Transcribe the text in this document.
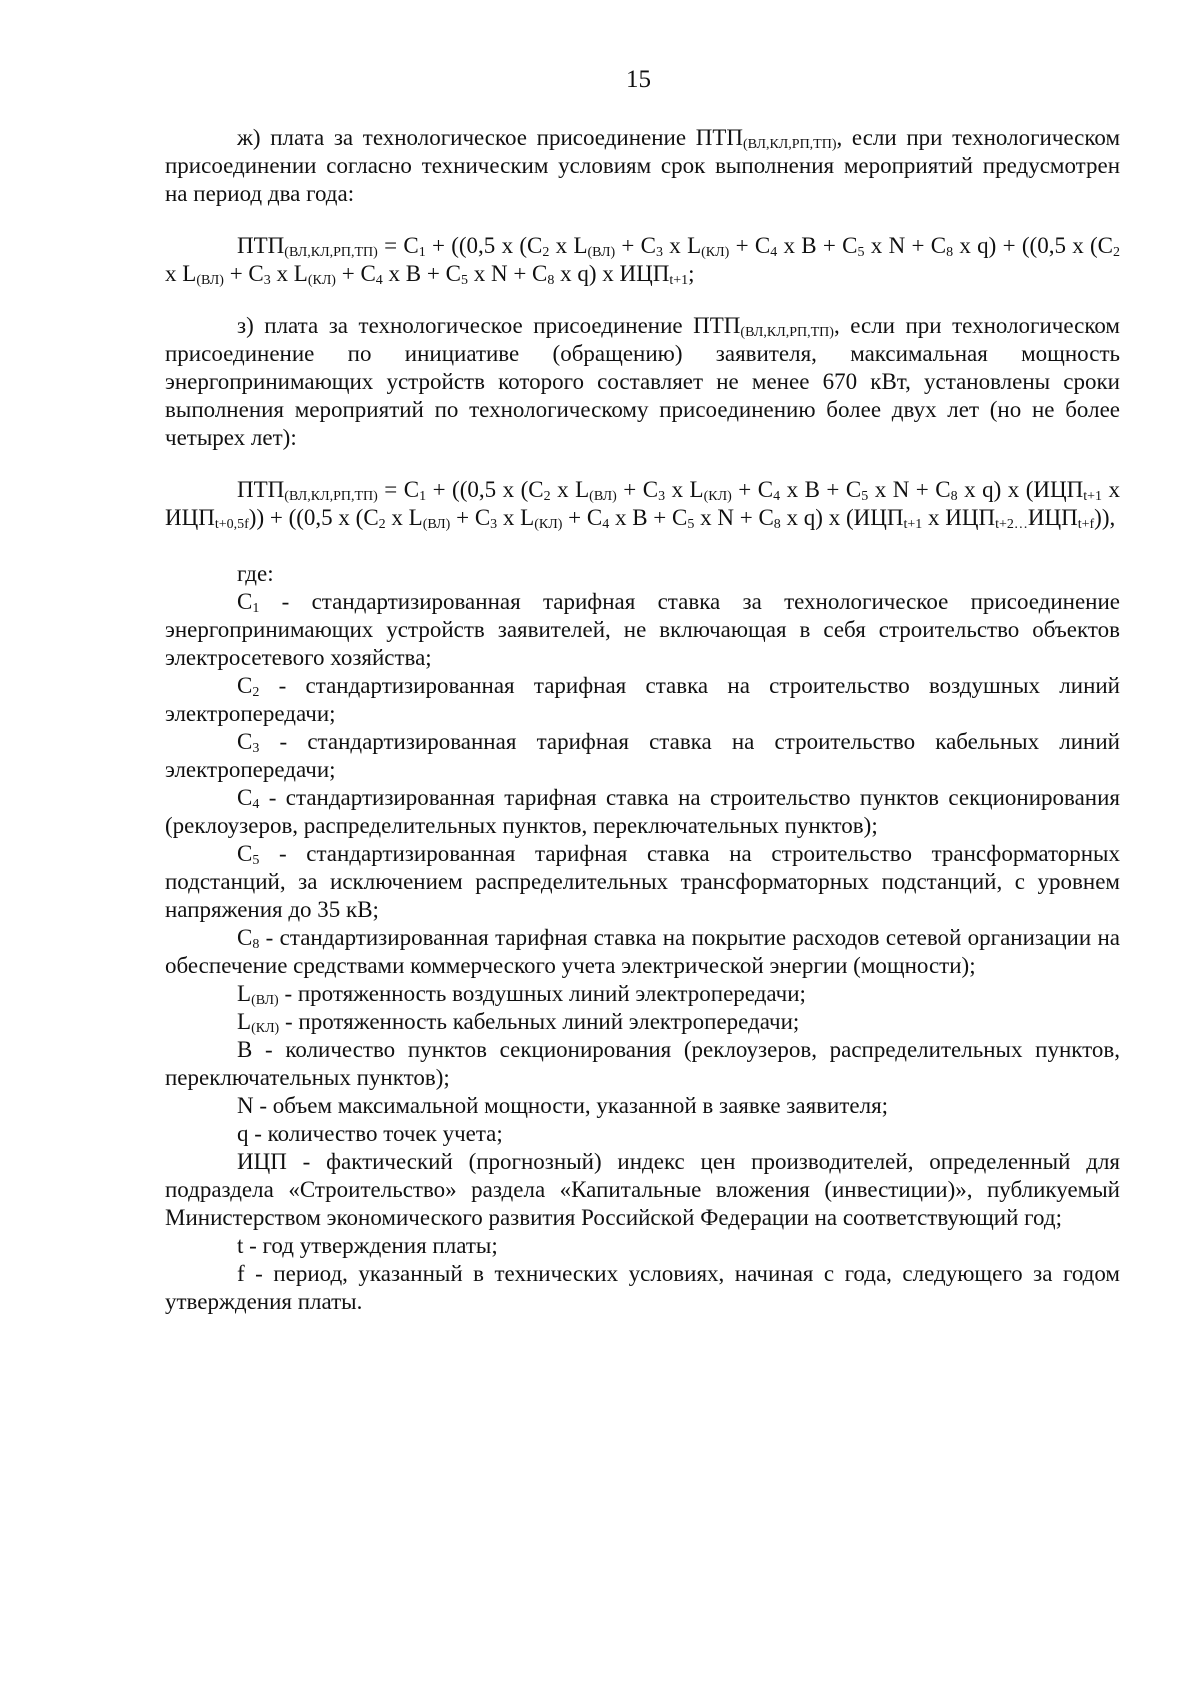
15

ж) плата за технологическое присоединение $ПТП_{(ВЛ,КЛ,РП,ТП)}$, если при технологическом присоединении согласно техническим условиям срок выполнения мероприятий предусмотрен на период два года:

$ПТП_{(ВЛ,КЛ,РП,ТП)} = С_1 + ((0,5$ х ($С_2$ х $L_{(ВЛ)} + С_3$ х $L_{(КЛ)} + С_4$ х $В + С_5$ х $N + С_8$ х q) + ((0,5 х ($С_2$ х $L_{(ВЛ)} + С_3$ х $L_{(КЛ)} + С_4$ х $В + С_5$ х $N + С_8$ х q) х $ИЦП_{t+1}$;

з) плата за технологическое присоединение $ПТП_{(ВЛ,КЛ,РП,ТП)}$, если при технологическом присоединение по инициативе (обращению) заявителя, максимальная мощность энергопринимающих устройств которого составляет не менее 670 кВт, установлены сроки выполнения мероприятий по технологическому присоединению более двух лет (но не более четырех лет):

$ПТП_{(ВЛ,КЛ,РП,ТП)} = С_1 + ((0,5$ х ($С_2$ х $L_{(ВЛ)} + С_3$ х $L_{(КЛ)} + С_4$ х $В + С_5$ х $N + С_8$ х q) х ($ИЦП_{t+1}$ х $ИЦП_{t+0,5f})) + ((0,5$ х ($С_2$ х $L_{(ВЛ)} + С_3$ х $L_{(КЛ)} + С_4$ х $В + С_5$ х $N + С_8$ х q) х ($ИЦП_{t+1}$ х $ИЦП_{t+2\dots}ИЦП_{t+f}$)),

где:

$С_1$ - стандартизированная тарифная ставка за технологическое присоединение энергопринимающих устройств заявителей, не включающая в себя строительство объектов электросетевого хозяйства;

$С_2$ - стандартизированная тарифная ставка на строительство воздушных линий электропередачи;

$С_3$ - стандартизированная тарифная ставка на строительство кабельных линий электропередачи;

$С_4$ - стандартизированная тарифная ставка на строительство пунктов секционирования (реклоузеров, распределительных пунктов, переключательных пунктов);

$С_5$ - стандартизированная тарифная ставка на строительство трансформаторных подстанций, за исключением распределительных трансформаторных подстанций, с уровнем напряжения до 35 кВ;

$С_8$ - стандартизированная тарифная ставка на покрытие расходов сетевой организации на обеспечение средствами коммерческого учета электрической энергии (мощности);

$L_{(ВЛ)}$ - протяженность воздушных линий электропередачи;

$L_{(КЛ)}$ - протяженность кабельных линий электропередачи;

В - количество пунктов секционирования (реклоузеров, распределительных пунктов, переключательных пунктов);

N - объем максимальной мощности, указанной в заявке заявителя;

q - количество точек учета;

ИЦП - фактический (прогнозный) индекс цен производителей, определенный для подраздела «Строительство» раздела «Капитальные вложения (инвестиции)», публикуемый Министерством экономического развития Российской Федерации на соответствующий год;

t - год утверждения платы;

f - период, указанный в технических условиях, начиная с года, следующего за годом утверждения платы.
